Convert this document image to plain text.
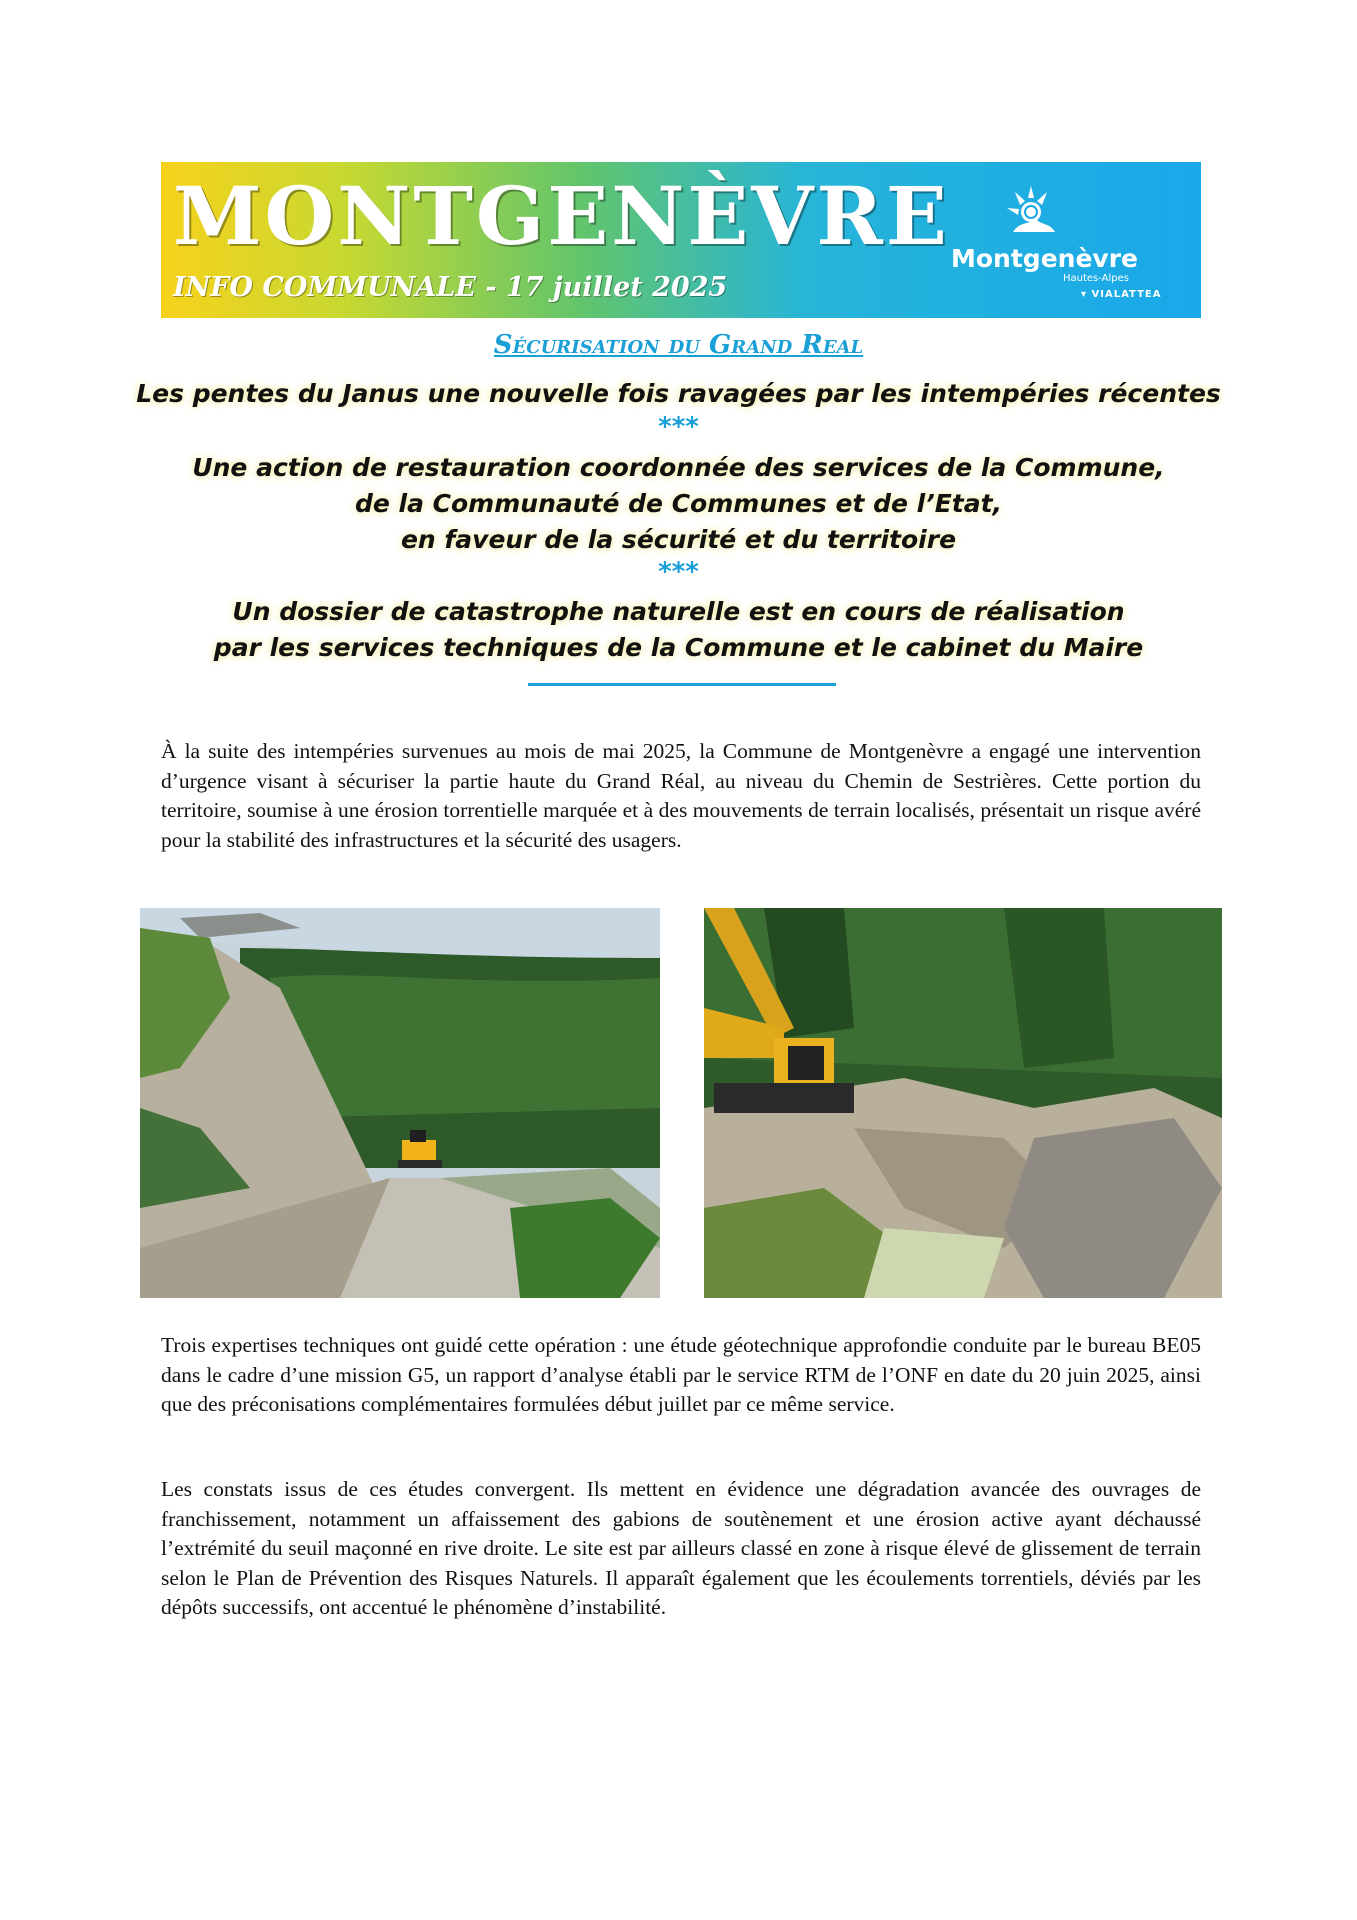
MONTGENÈVRE
INFO COMMUNALE - 17 juillet 2025
Montgenèvre
Hautes-Alpes
▾ VIALATTEA
Sécurisation du Grand Real
Les pentes du Janus une nouvelle fois ravagées par les intempéries récentes
***
Une action de restauration coordonnée des services de la Commune,
de la Communauté de Communes et de l’Etat,
en faveur de la sécurité et du territoire
***
Un dossier de catastrophe naturelle est en cours de réalisation
par les services techniques de la Commune et le cabinet du Maire

À la suite des intempéries survenues au mois de mai 2025, la Commune de Montgenèvre a engagé une intervention d’urgence visant à sécuriser la partie haute du Grand Réal, au niveau du Chemin de Sestrières. Cette portion du territoire, soumise à une érosion torrentielle marquée et à des mouvements de terrain localisés, présentait un risque avéré pour la stabilité des infrastructures et la sécurité des usagers.

Trois expertises techniques ont guidé cette opération : une étude géotechnique approfondie conduite par le bureau BE05 dans le cadre d’une mission G5, un rapport d’analyse établi par le service RTM de l’ONF en date du 20 juin 2025, ainsi que des préconisations complémentaires formulées début juillet par ce même service.

Les constats issus de ces études convergent. Ils mettent en évidence une dégradation avancée des ouvrages de franchissement, notamment un affaissement des gabions de soutènement et une érosion active ayant déchaussé l’extrémité du seuil maçonné en rive droite. Le site est par ailleurs classé en zone à risque élevé de glissement de terrain selon le Plan de Prévention des Risques Naturels. Il apparaît également que les écoulements torrentiels, déviés par les dépôts successifs, ont accentué le phénomène d’instabilité.
